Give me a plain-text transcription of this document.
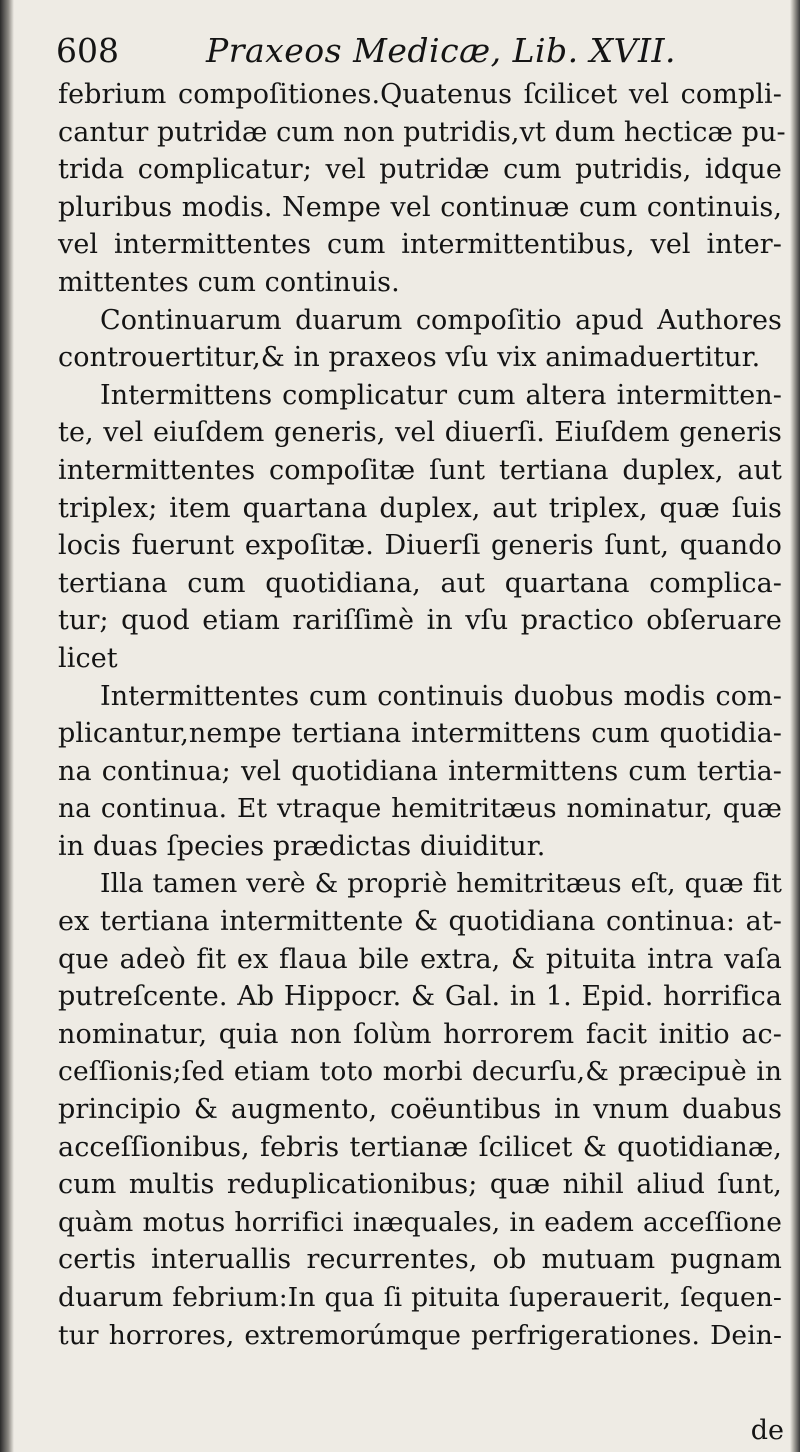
608	Praxeos Medicæ, Lib. XVII.
febrium compoſitiones.Quatenus ſcilicet vel compli-
cantur putridæ cum non putridis,vt dum hecticæ pu-
trida complicatur; vel putridæ cum putridis, idque
pluribus modis. Nempe vel continuæ cum continuis,
vel intermittentes cum intermittentibus, vel inter-
mittentes cum continuis.
Continuarum duarum compoſitio apud Authores
controuertitur,& in praxeos vſu vix animaduertitur.
Intermittens complicatur cum altera intermitten-
te, vel eiuſdem generis, vel diuerſi. Eiuſdem generis
intermittentes compoſitæ ſunt tertiana duplex, aut
triplex; item quartana duplex, aut triplex, quæ ſuis
locis fuerunt expoſitæ. Diuerſi generis ſunt, quando
tertiana cum quotidiana, aut quartana complica-
tur; quod etiam rariſſimè in vſu practico obſeruare
licet
Intermittentes cum continuis duobus modis com-
plicantur,nempe tertiana intermittens cum quotidia-
na continua; vel quotidiana intermittens cum tertia-
na continua. Et vtraque hemitritæus nominatur, quæ
in duas ſpecies prædictas diuiditur.
Illa tamen verè & propriè hemitritæus eſt, quæ fit
ex tertiana intermittente & quotidiana continua: at-
que adeò fit ex flaua bile extra, & pituita intra vaſa
putreſcente. Ab Hippocr. & Gal. in 1. Epid. horrifica
nominatur, quia non ſolùm horrorem facit initio ac-
ceſſionis;ſed etiam toto morbi decurſu,& præcipuè in
principio & augmento, coëuntibus in vnum duabus
acceſſionibus, febris tertianæ ſcilicet & quotidianæ,
cum multis reduplicationibus; quæ nihil aliud ſunt,
quàm motus horrifici inæquales, in eadem acceſſione
certis interuallis recurrentes, ob mutuam pugnam
duarum febrium:In qua ſi pituita ſuperauerit, ſequen-
tur horrores, extremorúmque perfrigerationes. Dein-
de
